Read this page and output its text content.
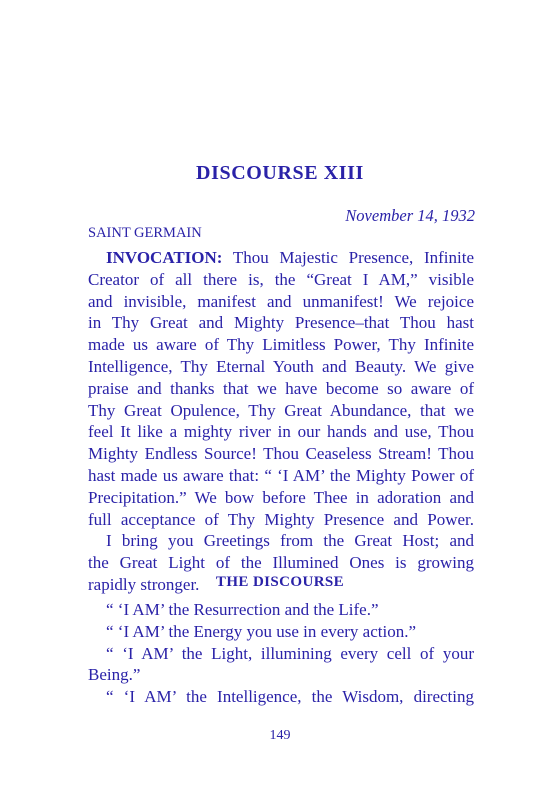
DISCOURSE XIII
November 14, 1932
SAINT GERMAIN
INVOCATION: Thou Majestic Presence, Infinite
Creator of all there is, the “Great I AM,” visible
and invisible, manifest and unmanifest! We rejoice
in Thy Great and Mighty Presence–that Thou hast
made us aware of Thy Limitless Power, Thy Infinite
Intelligence, Thy Eternal Youth and Beauty. We give
praise and thanks that we have become so aware of
Thy Great Opulence, Thy Great Abundance, that we
feel It like a mighty river in our hands and use, Thou
Mighty Endless Source! Thou Ceaseless Stream! Thou
hast made us aware that: “ ‘I AM’ the Mighty Power of
Precipitation.” We bow before Thee in adoration and
full acceptance of Thy Mighty Presence and Power.
I bring you Greetings from the Great Host; and
the Great Light of the Illumined Ones is growing
rapidly stronger.	THE DISCOURSE
“ ‘I AM’ the Resurrection and the Life.”
“ ‘I AM’ the Energy you use in every action.”
“ ‘I AM’ the Light, illumining every cell of your
Being.”
“ ‘I AM’ the Intelligence, the Wisdom, directing
149
